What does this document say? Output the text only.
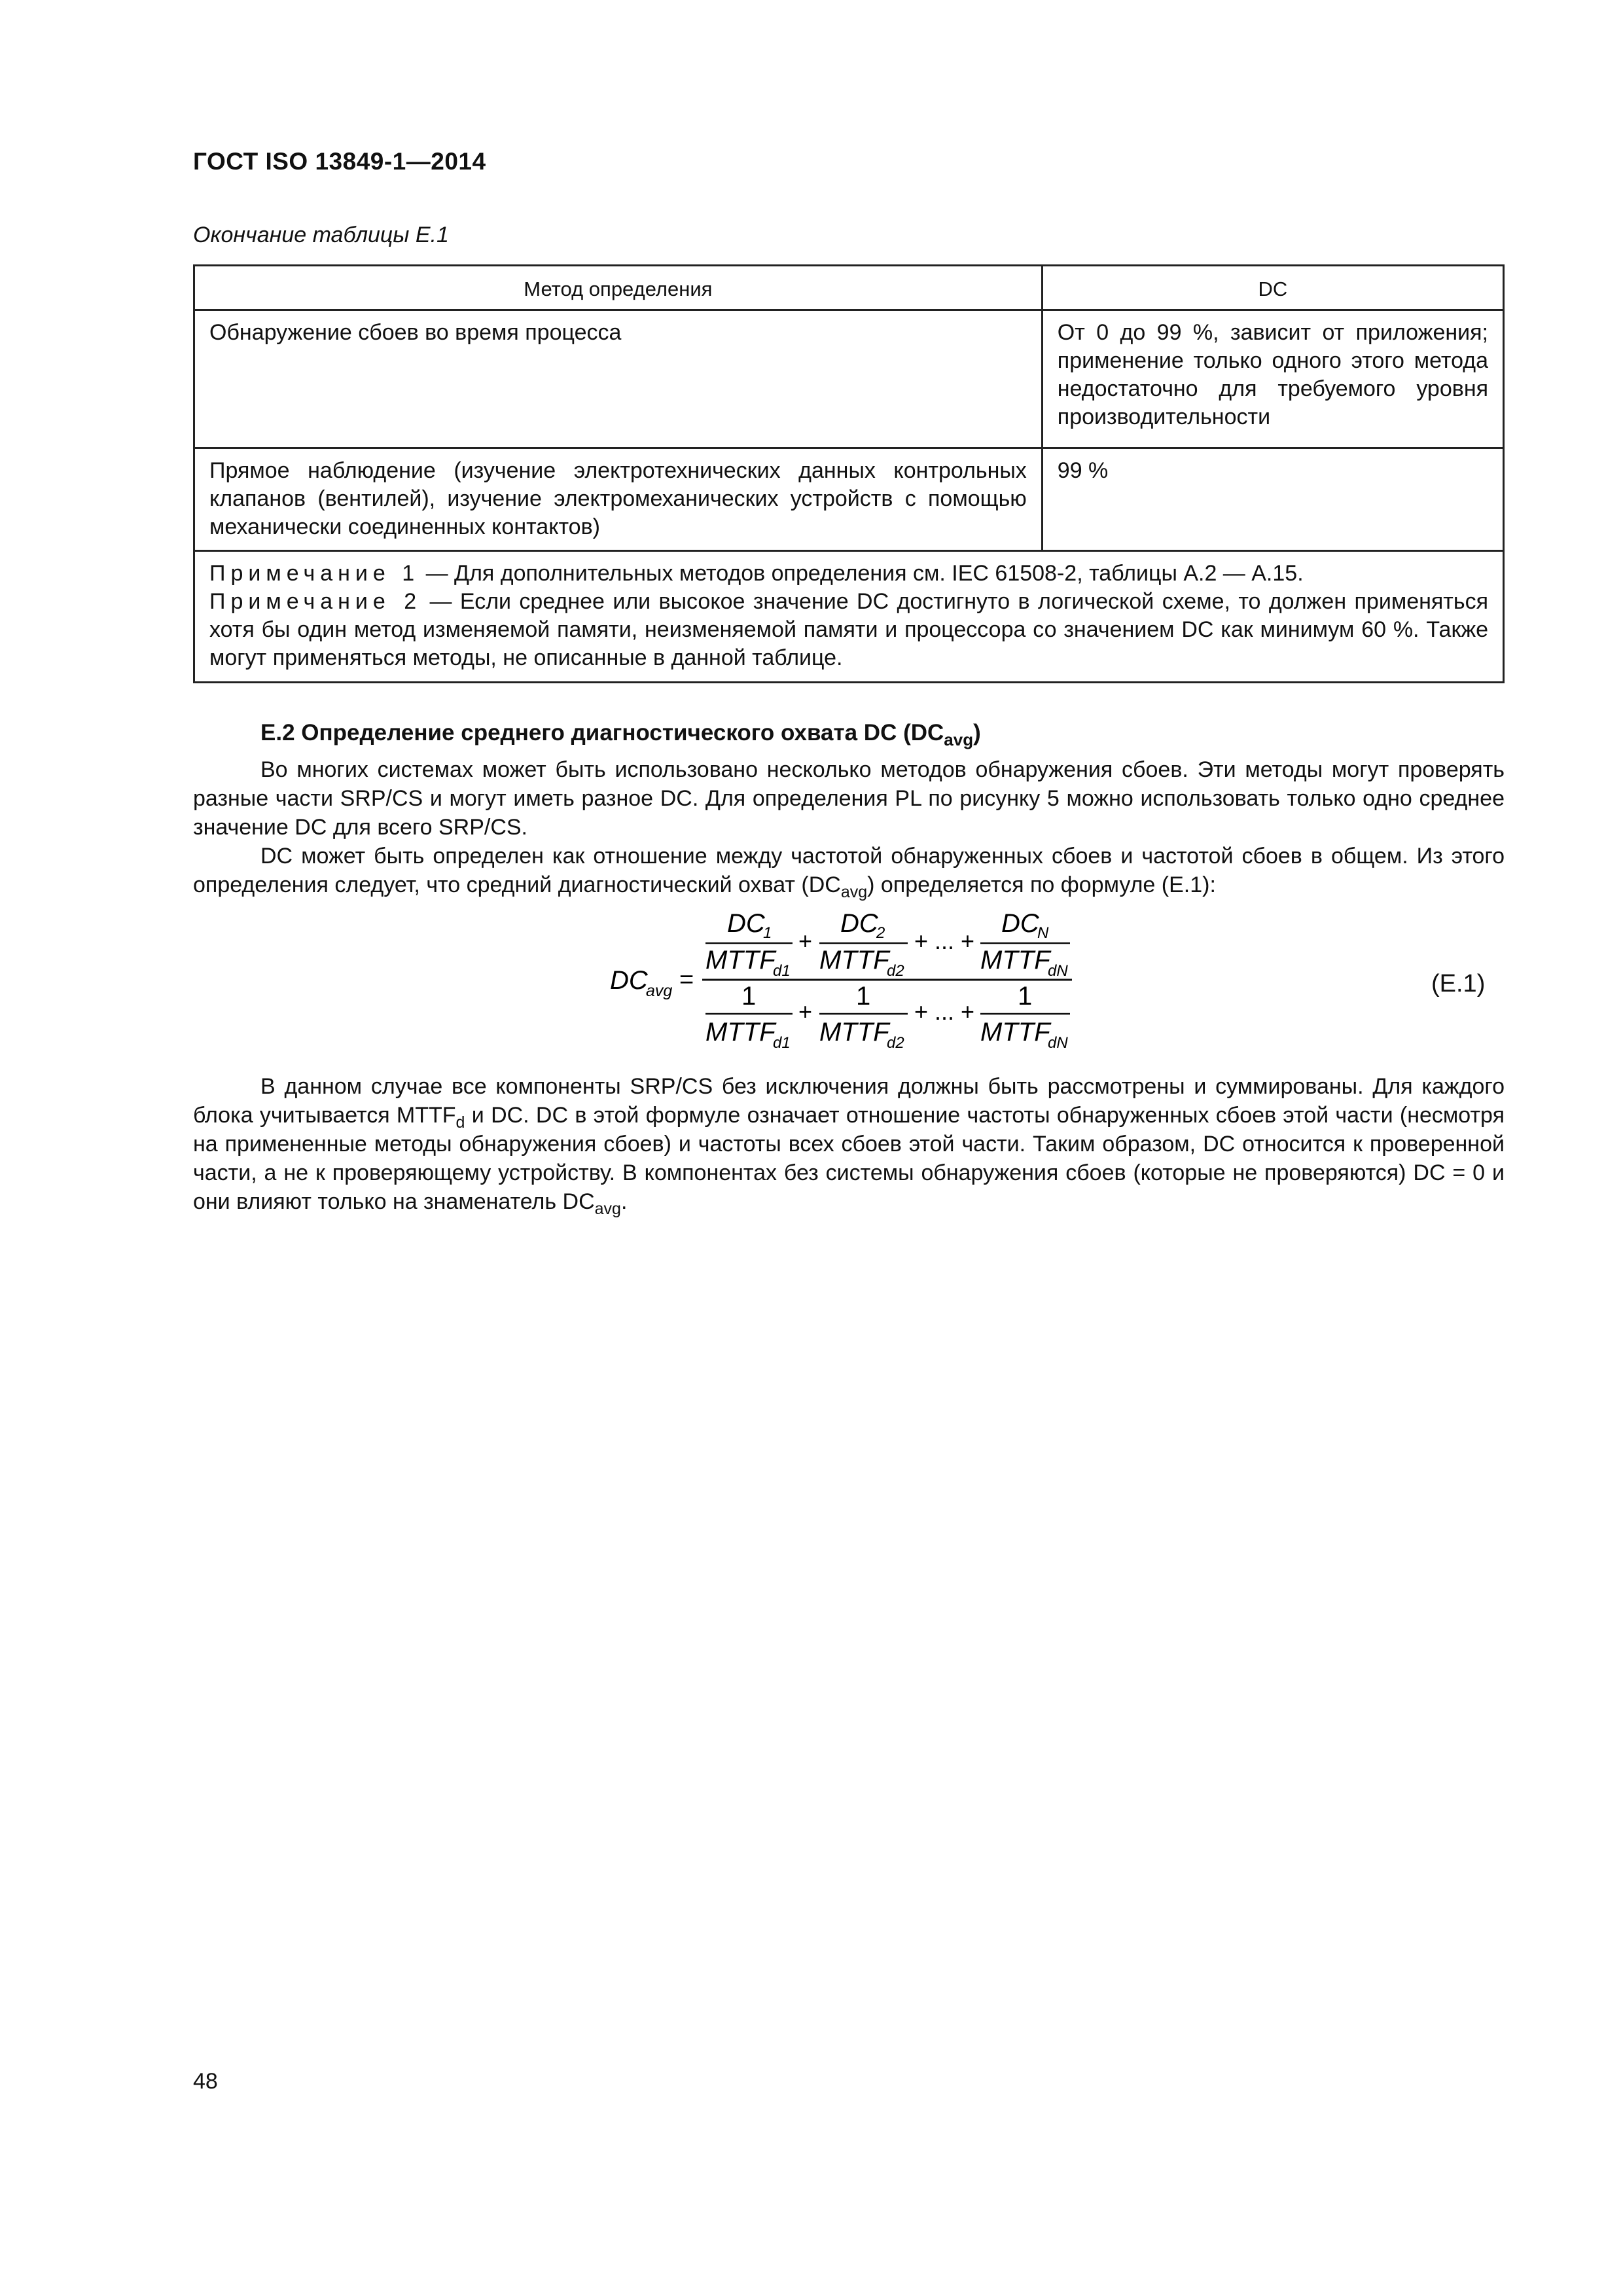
ГОСТ ISO 13849-1—2014
Окончание таблицы Е.1
Метод определения	DC
Обнаружение сбоев во время процесса	От 0 до 99 %, зависит от приложения; применение только одного этого метода недостаточно для требуемого уровня производительности
Прямое наблюдение (изучение электротехнических данных контрольных клапанов (вентилей), изучение электромеханических устройств с помощью механически соединенных контактов)	99 %

Примечание 1 — Для дополнительных методов определения см. IEC 61508-2, таблицы А.2 — А.15.
Примечание 2 — Если среднее или высокое значение DC достигнуто в логической схеме, то должен применяться хотя бы один метод изменяемой памяти, неизменяемой памяти и процессора со значением DC как минимум 60 %. Также могут применяться методы, не описанные в данной таблице.	
Е.2 Определение среднего диагностического охвата DC $(DC_{avg})$
Во многих системах может быть использовано несколько методов обнаружения сбоев. Эти методы могут проверять разные части SRP/CS и могут иметь разное DC. Для определения PL по рисунку 5 можно использовать только одно среднее значение DC для всего SRP/CS.
DC может быть определен как отношение между частотой обнаруженных сбоев и частотой сбоев в общем. Из этого определения следует, что средний диагностический охват $(DC_{avg})$ определяется по формуле (Е.1):
DC
avg =
DC
1
MTTF
d1
+
DC
2
MTTF
d2
+ ... +
DC
N
MTTF
dN
1
MTTF
d1
+
1
MTTF
d2
+ ... +
1
MTTF
dN
(Е.1)
В данном случае все компоненты SRP/CS без исключения должны быть рассмотрены и суммированы. Для каждого блока учитывается $MTTF_d$ и DC. DC в этой формуле означает отношение частоты обнаруженных сбоев этой части (несмотря на примененные методы обнаружения сбоев) и частоты всех сбоев этой части. Таким образом, DC относится к проверенной части, а не к проверяющему устройству. В компонентах без системы обнаружения сбоев (которые не проверяются) DC = 0 и они влияют только на знаменатель $DC_{avg}$.
48
